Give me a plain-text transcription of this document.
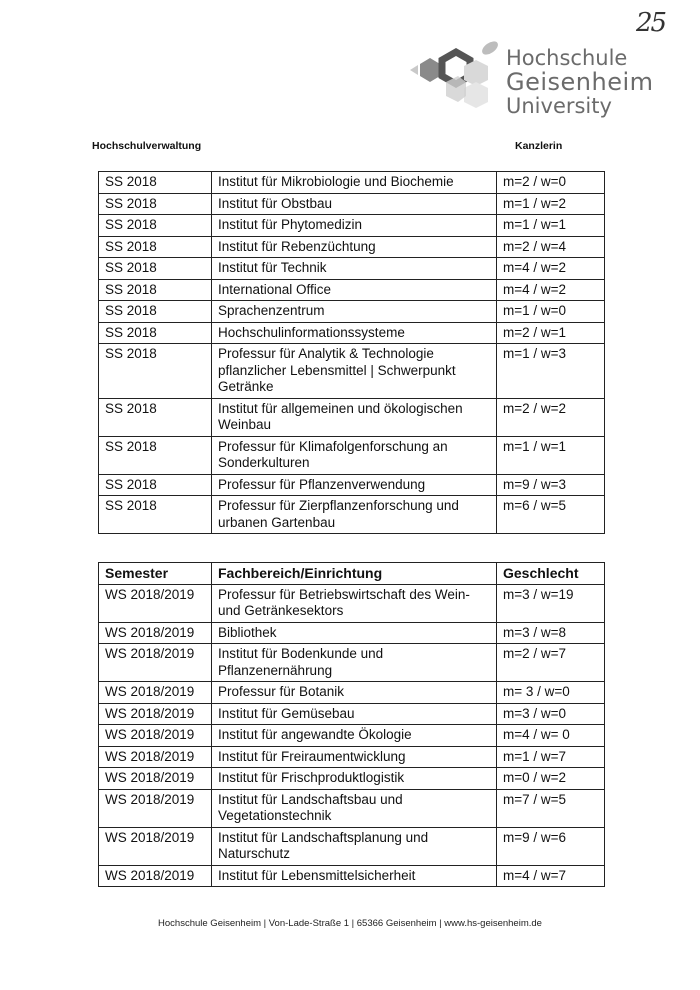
25
Hochschule
Geisenheim
University
Hochschulverwaltung	Kanzlerin
SS 2018	Institut für Mikrobiologie und Biochemie	m=2 / w=0
SS 2018	Institut für Obstbau	m=1 / w=2
SS 2018	Institut für Phytomedizin	m=1 / w=1
SS 2018	Institut für Rebenzüchtung	m=2 / w=4
SS 2018	Institut für Technik	m=4 / w=2
SS 2018	International Office	m=4 / w=2
SS 2018	Sprachenzentrum	m=1 / w=0
SS 2018	Hochschulinformationssysteme	m=2 / w=1
SS 2018	Professur für Analytik & Technologie pflanzlicher Lebensmittel | Schwerpunkt Getränke	m=1 / w=3
SS 2018	Institut für allgemeinen und ökologischen Weinbau	m=2 / w=2
SS 2018	Professur für Klimafolgenforschung an Sonderkulturen	m=1 / w=1
SS 2018	Professur für Pflanzenverwendung	m=9 / w=3
SS 2018	Professur für Zierpflanzenforschung und urbanen Gartenbau	m=6 / w=5
Semester	Fachbereich/Einrichtung	Geschlecht
WS 2018/2019	Professur für Betriebswirtschaft des Wein- und Getränkesektors	m=3 / w=19
WS 2018/2019	Bibliothek	m=3 / w=8
WS 2018/2019	Institut für Bodenkunde und Pflanzenernährung	m=2 / w=7
WS 2018/2019	Professur für Botanik	m= 3 / w=0
WS 2018/2019	Institut für Gemüsebau	m=3 / w=0
WS 2018/2019	Institut für angewandte Ökologie	m=4 / w= 0
WS 2018/2019	Institut für Freiraumentwicklung	m=1 / w=7
WS 2018/2019	Institut für Frischproduktlogistik	m=0 / w=2
WS 2018/2019	Institut für Landschaftsbau und Vegetationstechnik	m=7 / w=5
WS 2018/2019	Institut für Landschaftsplanung und Naturschutz	m=9 / w=6
WS 2018/2019	Institut für Lebensmittelsicherheit	m=4 / w=7
Hochschule Geisenheim | Von-Lade-Straße 1 | 65366 Geisenheim | www.hs-geisenheim.de
